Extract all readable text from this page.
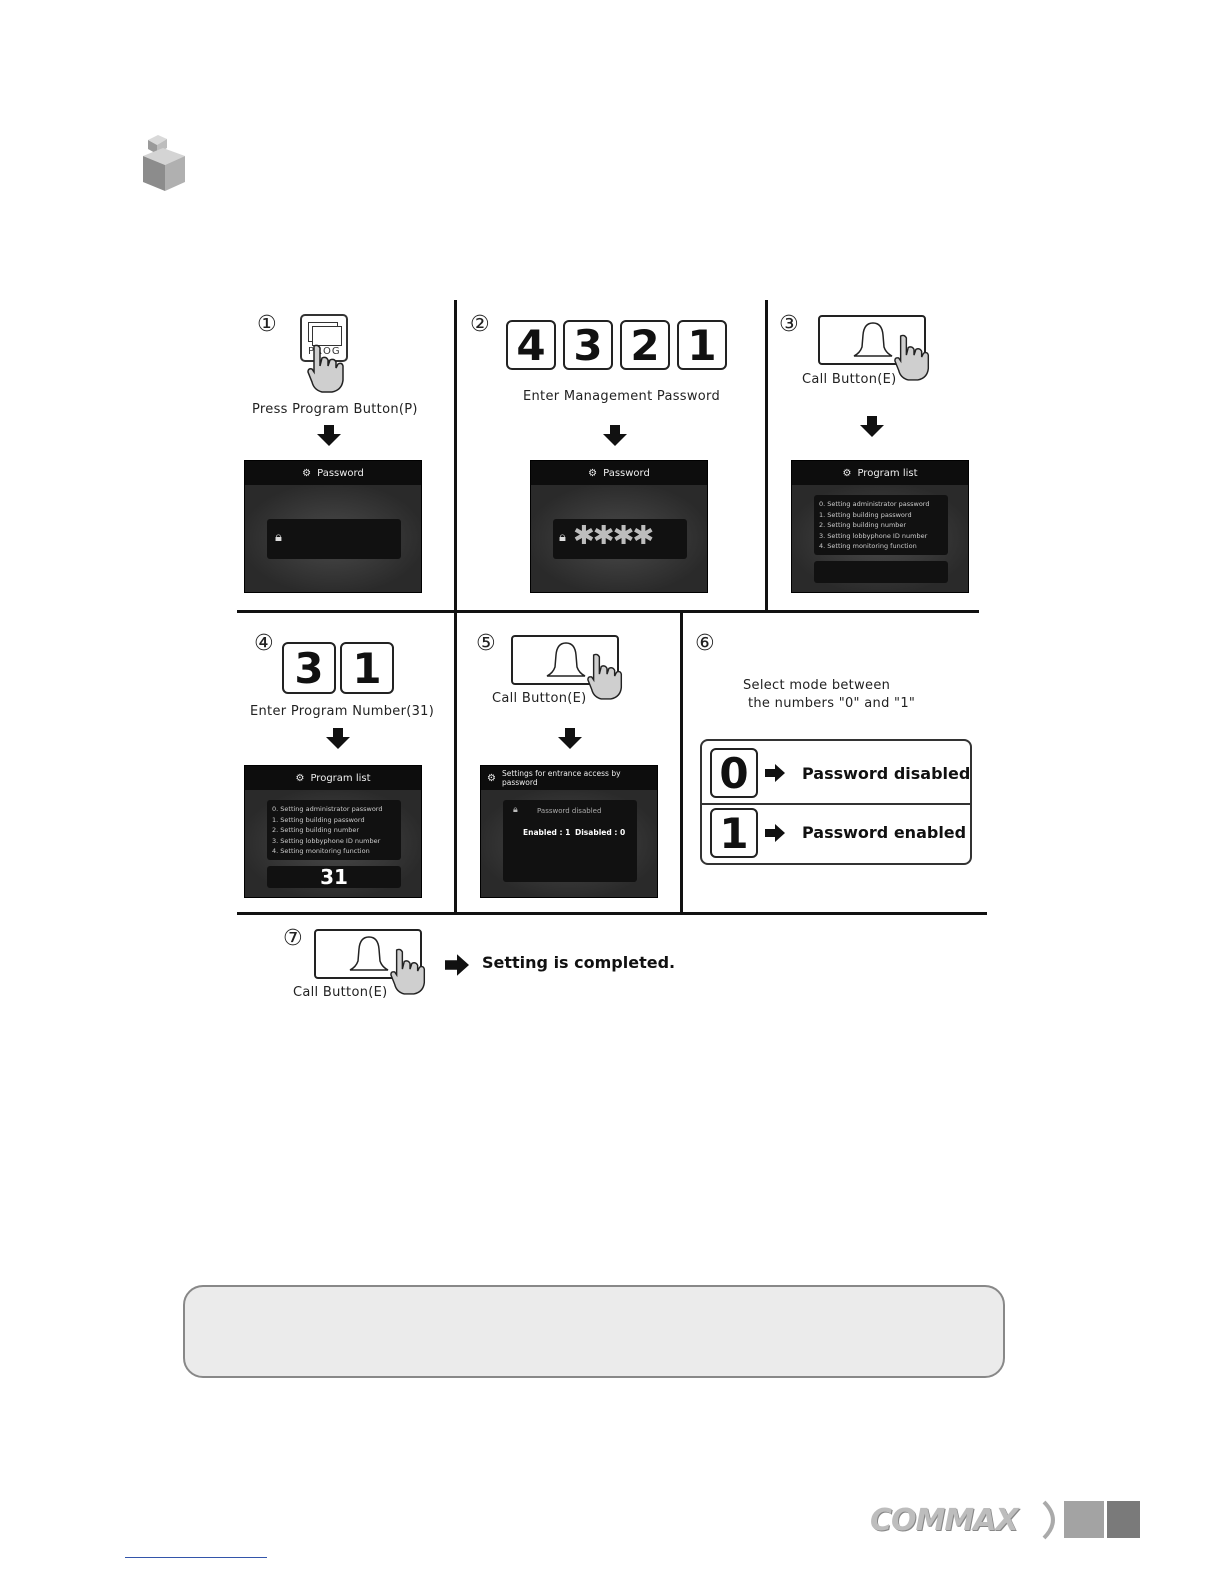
①
PROG
Press Program Button(P)
⚙ Password
🔒︎
② 4 3 2 1
Enter Management Password
⚙ Password
🔒︎ ✱✱✱✱
③
Call Button(E)
⚙ Program list
0. Setting administrator password
1. Setting building password
2. Setting building number
3. Setting lobbyphone ID number
4. Setting monitoring function
④ 3 1
Enter Program Number(31)
⚙ Program list
0. Setting administrator password
1. Setting building password
2. Setting building number
3. Setting lobbyphone ID number
4. Setting monitoring function
31
⑤
Call Button(E)
⚙ Settings for entrance access by password
🔒︎	Password disabled
Enabled : 1 Disabled : 0
⑥
Select mode between
the numbers "0" and "1"
0	Password disabled
1	Password enabled
⑦
Call Button(E)
Setting is completed.
COMMAX
